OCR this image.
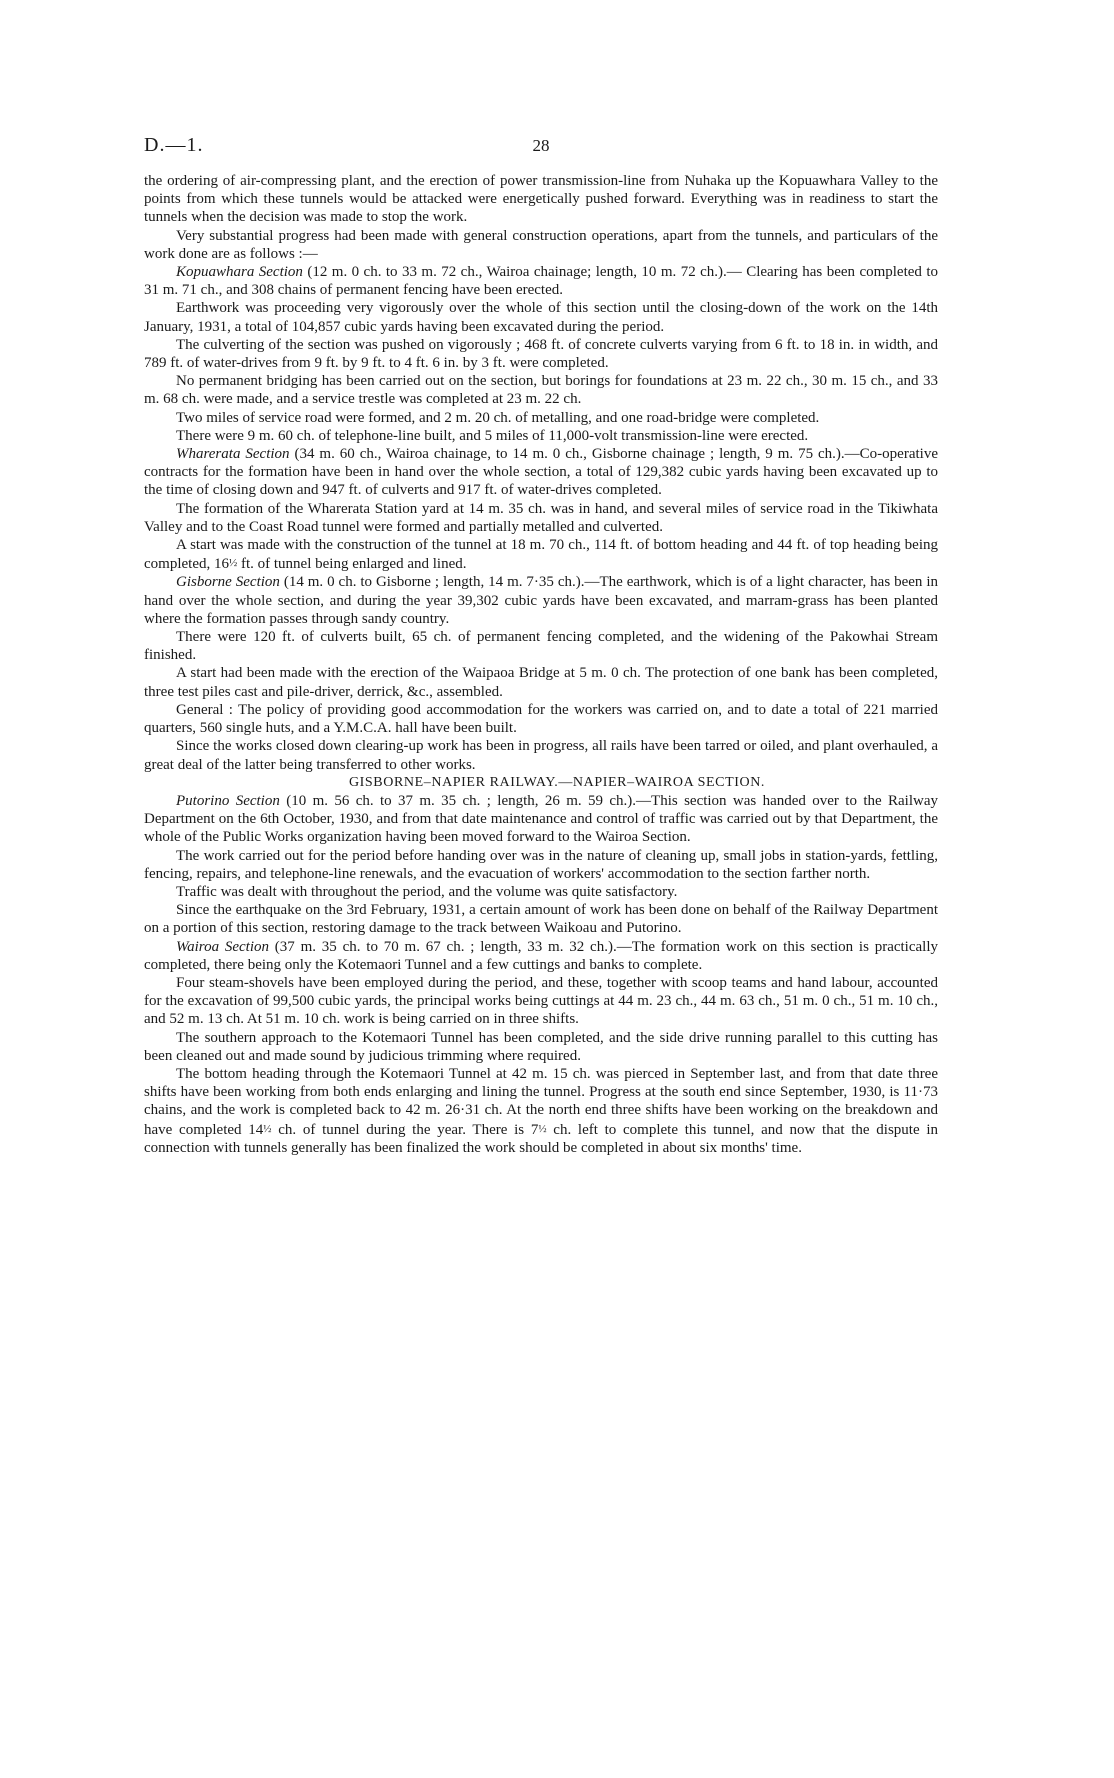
D.—1.	28

the ordering of air-compressing plant, and the erection of power transmission-line from Nuhaka up the Kopuawhara Valley to the points from which these tunnels would be attacked were energetically pushed forward. Everything was in readiness to start the tunnels when the decision was made to stop the work.

Very substantial progress had been made with general construction operations, apart from the tunnels, and particulars of the work done are as follows :—

Kopuawhara Section (12 m. 0 ch. to 33 m. 72 ch., Wairoa chainage; length, 10 m. 72 ch.).— Clearing has been completed to 31 m. 71 ch., and 308 chains of permanent fencing have been erected.

Earthwork was proceeding very vigorously over the whole of this section until the closing-down of the work on the 14th January, 1931, a total of 104,857 cubic yards having been excavated during the period.

The culverting of the section was pushed on vigorously ; 468 ft. of concrete culverts varying from 6 ft. to 18 in. in width, and 789 ft. of water-drives from 9 ft. by 9 ft. to 4 ft. 6 in. by 3 ft. were completed.

No permanent bridging has been carried out on the section, but borings for foundations at 23 m. 22 ch., 30 m. 15 ch., and 33 m. 68 ch. were made, and a service trestle was completed at 23 m. 22 ch.

Two miles of service road were formed, and 2 m. 20 ch. of metalling, and one road-bridge were completed.

There were 9 m. 60 ch. of telephone-line built, and 5 miles of 11,000-volt transmission-line were erected.

Wharerata Section (34 m. 60 ch., Wairoa chainage, to 14 m. 0 ch., Gisborne chainage ; length, 9 m. 75 ch.).—Co-operative contracts for the formation have been in hand over the whole section, a total of 129,382 cubic yards having been excavated up to the time of closing down and 947 ft. of culverts and 917 ft. of water-drives completed.

The formation of the Wharerata Station yard at 14 m. 35 ch. was in hand, and several miles of service road in the Tikiwhata Valley and to the Coast Road tunnel were formed and partially metalled and culverted.

A start was made with the construction of the tunnel at 18 m. 70 ch., 114 ft. of bottom heading and 44 ft. of top heading being completed, 16½ ft. of tunnel being enlarged and lined.

Gisborne Section (14 m. 0 ch. to Gisborne ; length, 14 m. 7·35 ch.).—The earthwork, which is of a light character, has been in hand over the whole section, and during the year 39,302 cubic yards have been excavated, and marram-grass has been planted where the formation passes through sandy country.

There were 120 ft. of culverts built, 65 ch. of permanent fencing completed, and the widening of the Pakowhai Stream finished.

A start had been made with the erection of the Waipaoa Bridge at 5 m. 0 ch. The protection of one bank has been completed, three test piles cast and pile-driver, derrick, &c., assembled.

General : The policy of providing good accommodation for the workers was carried on, and to date a total of 221 married quarters, 560 single huts, and a Y.M.C.A. hall have been built.

Since the works closed down clearing-up work has been in progress, all rails have been tarred or oiled, and plant overhauled, a great deal of the latter being transferred to other works.

GISBORNE–NAPIER RAILWAY.—NAPIER–WAIROA SECTION.

Putorino Section (10 m. 56 ch. to 37 m. 35 ch. ; length, 26 m. 59 ch.).—This section was handed over to the Railway Department on the 6th October, 1930, and from that date maintenance and control of traffic was carried out by that Department, the whole of the Public Works organization having been moved forward to the Wairoa Section.

The work carried out for the period before handing over was in the nature of cleaning up, small jobs in station-yards, fettling, fencing, repairs, and telephone-line renewals, and the evacuation of workers' accommodation to the section farther north.

Traffic was dealt with throughout the period, and the volume was quite satisfactory.

Since the earthquake on the 3rd February, 1931, a certain amount of work has been done on behalf of the Railway Department on a portion of this section, restoring damage to the track between Waikoau and Putorino.

Wairoa Section (37 m. 35 ch. to 70 m. 67 ch. ; length, 33 m. 32 ch.).—The formation work on this section is practically completed, there being only the Kotemaori Tunnel and a few cuttings and banks to complete.

Four steam-shovels have been employed during the period, and these, together with scoop teams and hand labour, accounted for the excavation of 99,500 cubic yards, the principal works being cuttings at 44 m. 23 ch., 44 m. 63 ch., 51 m. 0 ch., 51 m. 10 ch., and 52 m. 13 ch. At 51 m. 10 ch. work is being carried on in three shifts.

The southern approach to the Kotemaori Tunnel has been completed, and the side drive running parallel to this cutting has been cleaned out and made sound by judicious trimming where required.

The bottom heading through the Kotemaori Tunnel at 42 m. 15 ch. was pierced in September last, and from that date three shifts have been working from both ends enlarging and lining the tunnel. Progress at the south end since September, 1930, is 11·73 chains, and the work is completed back to 42 m. 26·31 ch. At the north end three shifts have been working on the breakdown and have completed 14½ ch. of tunnel during the year. There is 7½ ch. left to complete this tunnel, and now that the dispute in connection with tunnels generally has been finalized the work should be completed in about six months' time.
